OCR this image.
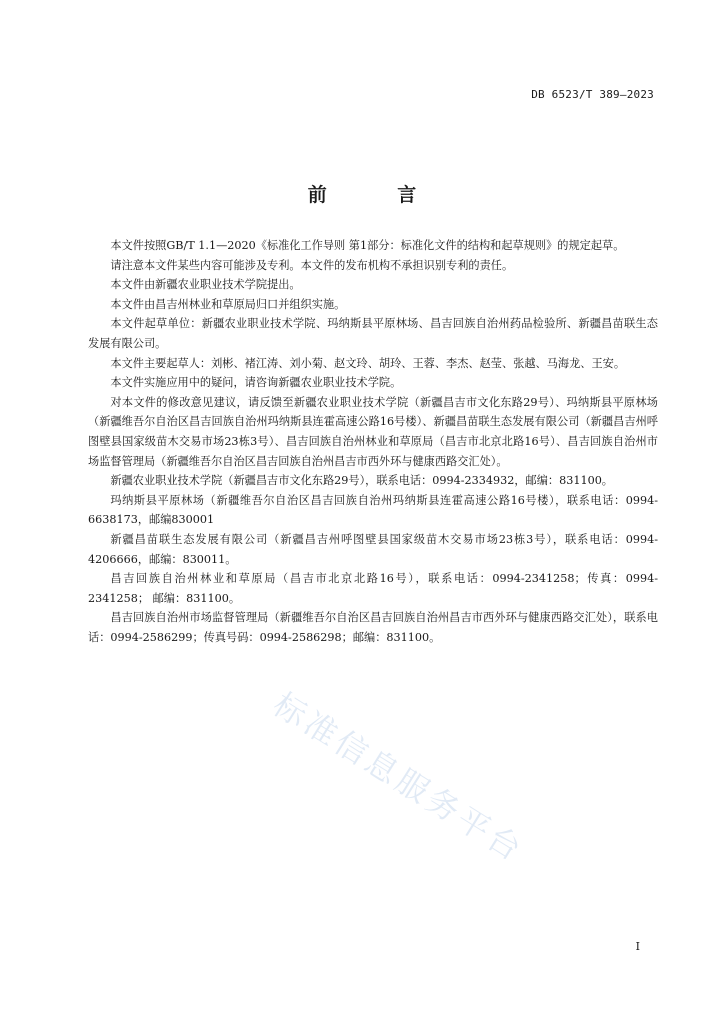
DB 6523/T 389—2023
前 言

本文件按照GB/T 1.1—2020《标准化工作导则 第1部分：标准化文件的结构和起草规则》的规定起草。

请注意本文件某些内容可能涉及专利。本文件的发布机构不承担识别专利的责任。

本文件由新疆农业职业技术学院提出。

本文件由昌吉州林业和草原局归口并组织实施。

本文件起草单位：新疆农业职业技术学院、玛纳斯县平原林场、昌吉回族自治州药品检验所、新疆昌苗联生态发展有限公司。

本文件主要起草人：刘彬、褚江涛、刘小菊、赵文玲、胡玲、王蓉、李杰、赵莹、张越、马海龙、王安。

本文件实施应用中的疑问，请咨询新疆农业职业技术学院。

对本文件的修改意见建议，请反馈至新疆农业职业技术学院（新疆昌吉市文化东路29号）、玛纳斯县平原林场（新疆维吾尔自治区昌吉回族自治州玛纳斯县连霍高速公路16号楼）、新疆昌苗联生态发展有限公司（新疆昌吉州呼图壁县国家级苗木交易市场23栋3号）、昌吉回族自治州林业和草原局（昌吉市北京北路16号）、昌吉回族自治州市场监督管理局（新疆维吾尔自治区昌吉回族自治州昌吉市西外环与健康西路交汇处）。

新疆农业职业技术学院（新疆昌吉市文化东路29号），联系电话：0994-2334932，邮编：831100。

玛纳斯县平原林场（新疆维吾尔自治区昌吉回族自治州玛纳斯县连霍高速公路16号楼），联系电话：0994-6638173，邮编830001

新疆昌苗联生态发展有限公司（新疆昌吉州呼图壁县国家级苗木交易市场23栋3号），联系电话：0994-4206666，邮编：830011。

昌吉回族自治州林业和草原局（昌吉市北京北路16号），联系电话：0994-2341258；传真：0994-2341258； 邮编：831100。

昌吉回族自治州市场监督管理局（新疆维吾尔自治区昌吉回族自治州昌吉市西外环与健康西路交汇处），联系电话：0994-2586299；传真号码：0994-2586298；邮编：831100。

标准信息服务平台
I
